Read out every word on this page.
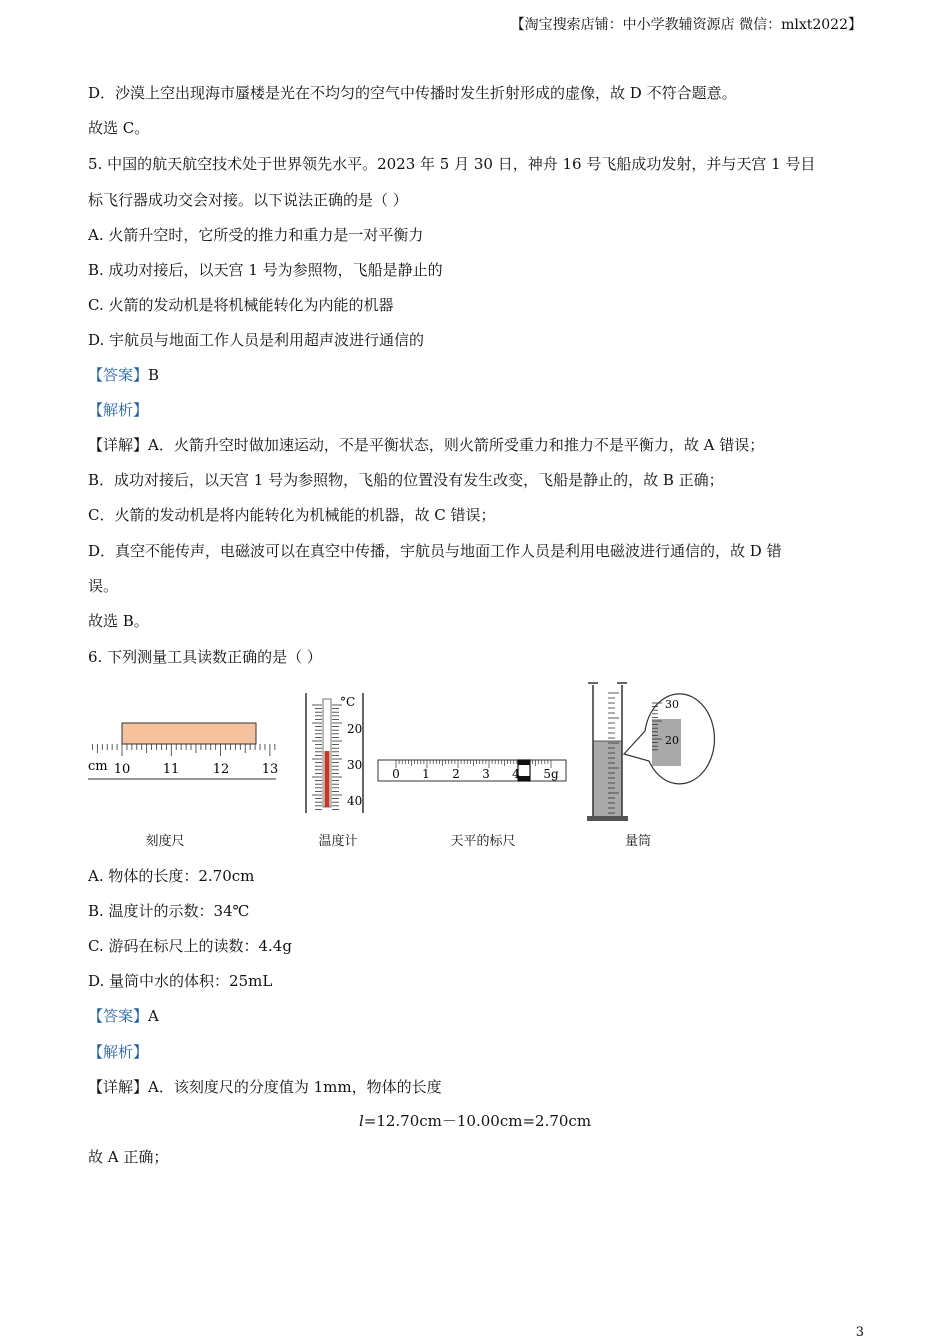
【淘宝搜索店铺：中小学教辅资源店 微信：mlxt2022】
D．沙漠上空出现海市蜃楼是光在不均匀的空气中传播时发生折射形成的虚像，故 D 不符合题意。
故选 C。
5. 中国的航天航空技术处于世界领先水平。2023 年 5 月 30 日，神舟 16 号飞船成功发射，并与天宫 1 号目
标飞行器成功交会对接。以下说法正确的是（ ）
A. 火箭升空时，它所受的推力和重力是一对平衡力
B. 成功对接后，以天宫 1 号为参照物，飞船是静止的
C. 火箭的发动机是将机械能转化为内能的机器
D. 宇航员与地面工作人员是利用超声波进行通信的
【答案】B
【解析】
【详解】A．火箭升空时做加速运动，不是平衡状态，则火箭所受重力和推力不是平衡力，故 A 错误；
B．成功对接后，以天宫 1 号为参照物，飞船的位置没有发生改变，飞船是静止的，故 B 正确；
C．火箭的发动机是将内能转化为机械能的机器，故 C 错误；
D．真空不能传声，电磁波可以在真空中传播，宇航员与地面工作人员是利用电磁波进行通信的，故 D 错
误。
故选 B。
6. 下列测量工具读数正确的是（ ）
cm 10 11	12 13
°C
20
30
40
0 1 2 3 4 5g
30
20
刻度尺	温度计	天平的标尺	量筒
A. 物体的长度：2.70cm
B. 温度计的示数：34℃
C. 游码在标尺上的读数：4.4g
D. 量筒中水的体积：25mL
【答案】A
【解析】
【详解】A．该刻度尺的分度值为 1mm，物体的长度
l=12.70cm－10.00cm=2.70cm
故 A 正确；
3
